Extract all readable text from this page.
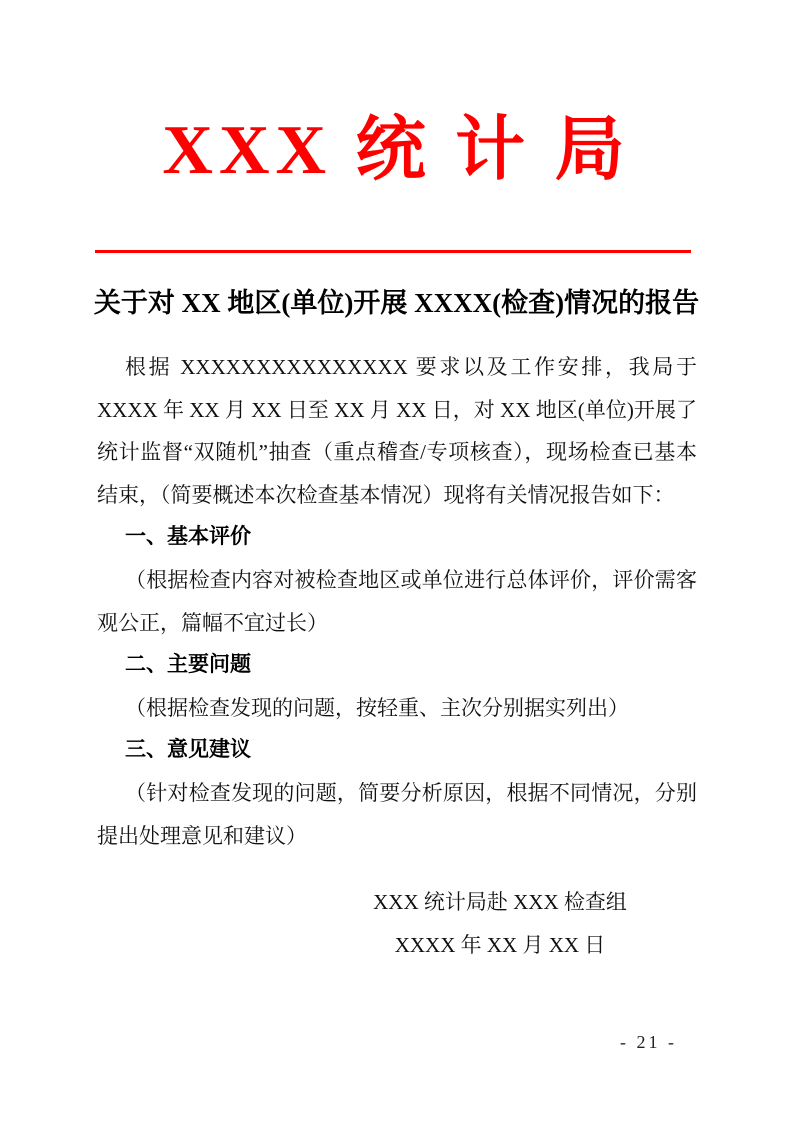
XXX 统 计 局
关于对 XX 地区(单位)开展 XXXX(检查)情况的报告

根据 XXXXXXXXXXXXXXX 要求以及工作安排，我局于 XXXX 年 XX 月 XX 日至 XX 月 XX 日，对 XX 地区(单位)开展了统计监督“双随机”抽查（重点稽查/专项核查），现场检查已基本结束，（简要概述本次检查基本情况）现将有关情况报告如下：

一、基本评价

（根据检查内容对被检查地区或单位进行总体评价，评价需客观公正，篇幅不宜过长）

二、主要问题

（根据检查发现的问题，按轻重、主次分别据实列出）

三、意见建议

（针对检查发现的问题，简要分析原因，根据不同情况，分别提出处理意见和建议）

XXX 统计局赴 XXX 检查组
XXXX 年 XX 月 XX 日
- 21 -
